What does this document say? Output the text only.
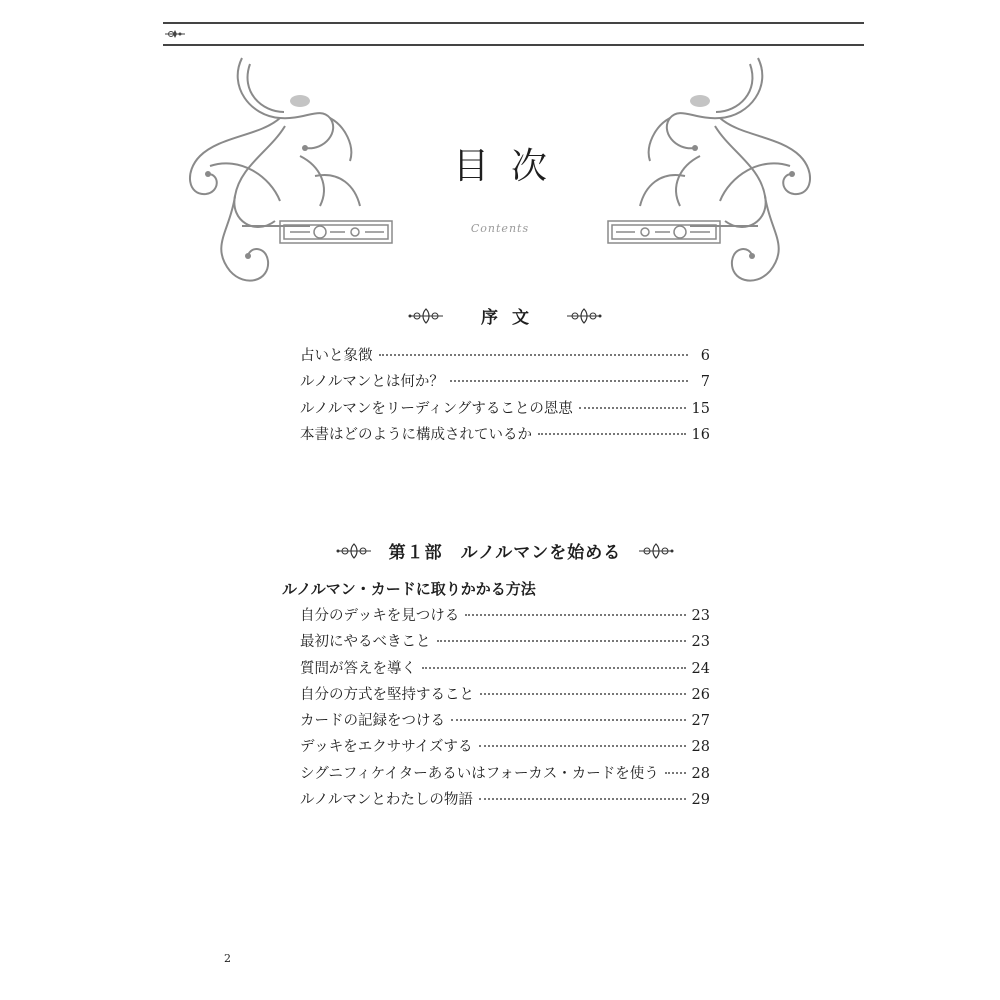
目次
Contents
序文
占いと象徴	6
ルノルマンとは何か？	7
ルノルマンをリーディングすることの恩恵	15
本書はどのように構成されているか	16
第１部　ルノルマンを始める
ルノルマン・カードに取りかかる方法
自分のデッキを見つける	23
最初にやるべきこと	23
質問が答えを導く	24
自分の方式を堅持すること	26
カードの記録をつける	27
デッキをエクササイズする	28
シグニフィケイターあるいはフォーカス・カードを使う 28
ルノルマンとわたしの物語	29
2
